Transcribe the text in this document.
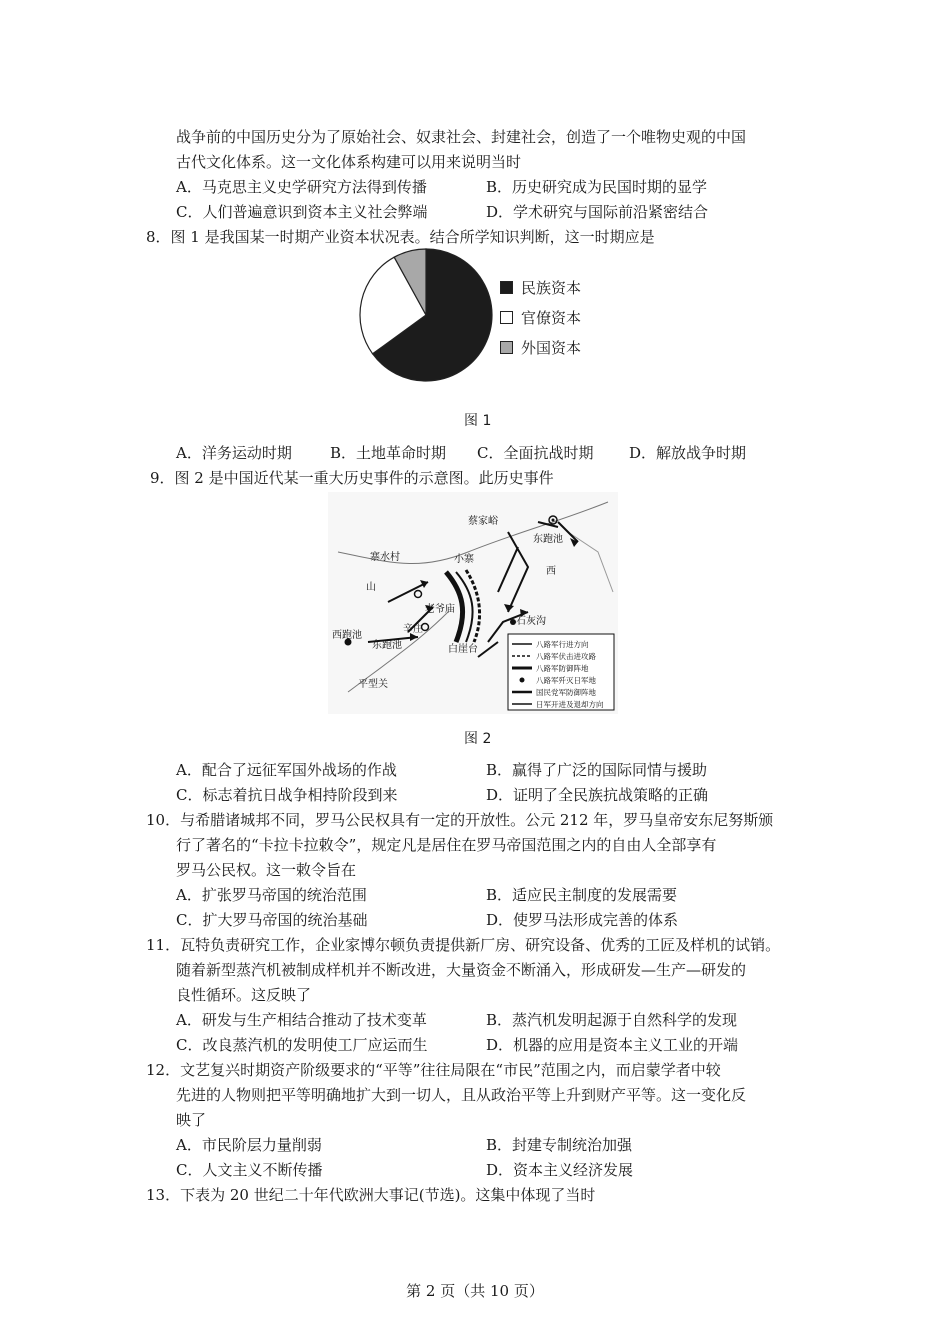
战争前的中国历史分为了原始社会、奴隶社会、封建社会，创造了一个唯物史观的中国
古代文化体系。这一文化体系构建可以用来说明当时
A．马克思主义史学研究方法得到传播	B．历史研究成为民国时期的显学
C．人们普遍意识到资本主义社会弊端	D．学术研究与国际前沿紧密结合
8．图 1 是我国某一时期产业资本状况表。结合所学知识判断，这一时期应是
民族资本
官僚资本
外国资本
图 1
A．洋务运动时期	B．土地革命时期 C．全面抗战时期 D．解放战争时期
9．图 2 是中国近代某一重大历史事件的示意图。此历史事件
蔡家峪
东跑池
寨水村	小寨
山
西
老爷庙
辛庄
西跑池
东跑池	白崖台
石灰沟
平型关
八路军行进方向
八路军伏击进攻路
八路军防御阵地
八路军歼灭日军地
国民党军防御阵地
日军开进及退却方向
图 2
A．配合了远征军国外战场的作战	B．赢得了广泛的国际同情与援助
C．标志着抗日战争相持阶段到来	D．证明了全民族抗战策略的正确
10．与希腊诸城邦不同，罗马公民权具有一定的开放性。公元 212 年，罗马皇帝安东尼努斯颁
行了著名的“卡拉卡拉敕令”，规定凡是居住在罗马帝国范围之内的自由人全部享有
罗马公民权。这一敕令旨在
A．扩张罗马帝国的统治范围	B．适应民主制度的发展需要
C．扩大罗马帝国的统治基础	D．使罗马法形成完善的体系
11．瓦特负责研究工作，企业家博尔顿负责提供新厂房、研究设备、优秀的工匠及样机的试销。
随着新型蒸汽机被制成样机并不断改进，大量资金不断涌入，形成研发—生产—研发的
良性循环。这反映了
A．研发与生产相结合推动了技术变革	B．蒸汽机发明起源于自然科学的发现
C．改良蒸汽机的发明使工厂应运而生	D．机器的应用是资本主义工业的开端
12．文艺复兴时期资产阶级要求的“平等”往往局限在“市民”范围之内，而启蒙学者中较
先进的人物则把平等明确地扩大到一切人，且从政治平等上升到财产平等。这一变化反
映了
A．市民阶层力量削弱	B．封建专制统治加强
C．人文主义不断传播	D．资本主义经济发展
13．下表为 20 世纪二十年代欧洲大事记(节选)。这集中体现了当时
第 2 页（共 10 页）
